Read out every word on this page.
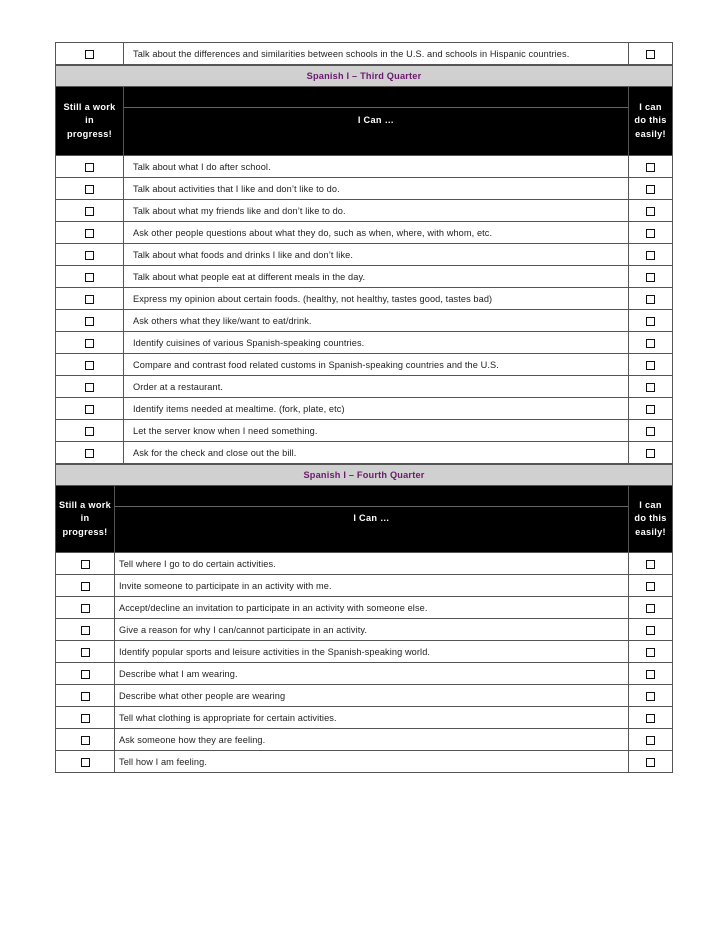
	Talk about the differences and similarities between schools in the U.S. and schools in Hispanic countries.	
Spanish I – Third Quarter		

Still a work in progress!	I Can …	I can do this easily!

	Talk about what I do after school.	
	Talk about activities that I like and don’t like to do.	
	Talk about what my friends like and don’t like to do.	
	Ask other people questions about what they do, such as when, where, with whom, etc.	
	Talk about what foods and drinks I like and don’t like.	
	Talk about what people eat at different meals in the day.	
	Express my opinion about certain foods. (healthy, not healthy, tastes good, tastes bad)	
	Ask others what they like/want to eat/drink.	
	Identify cuisines of various Spanish-speaking countries.	
	Compare and contrast food related customs in Spanish-speaking countries and the U.S.	
	Order at a restaurant.	
	Identify items needed at mealtime. (fork, plate, etc)	
	Let the server know when I need something.	
	Ask for the check and close out the bill.	
Spanish I – Fourth Quarter		

Still a work in progress!	I Can …	I can do this easily!

	Tell where I go to do certain activities.	
	Invite someone to participate in an activity with me.	
	Accept/decline an invitation to participate in an activity with someone else.	
	Give a reason for why I can/cannot participate in an activity.	
	Identify popular sports and leisure activities in the Spanish-speaking world.	
	Describe what I am wearing.	
	Describe what other people are wearing	
	Tell what clothing is appropriate for certain activities.	
	Ask someone how they are feeling.	
	Tell how I am feeling.	
